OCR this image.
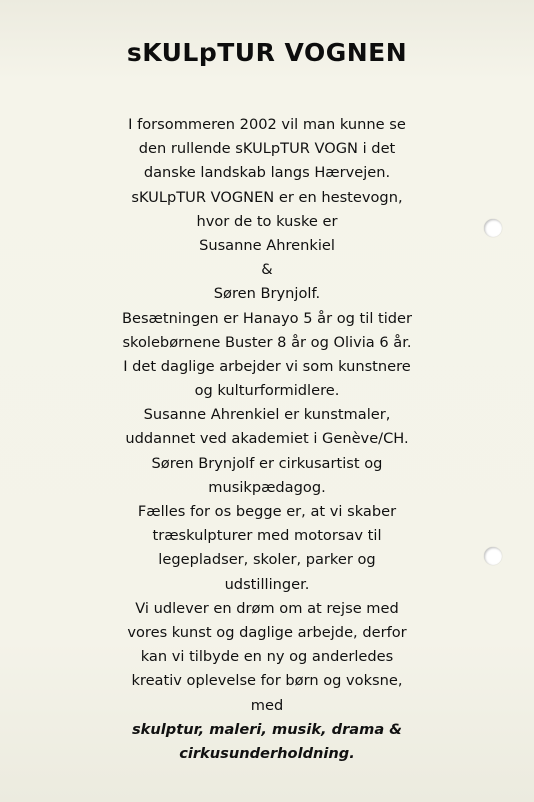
sKULpTUR VOGNEN
I forsommeren 2002 vil man kunne se
den rullende sKULpTUR VOGN i det
danske landskab langs Hærvejen.
sKULpTUR VOGNEN er en hestevogn,
hvor de to kuske er
Susanne Ahrenkiel
&
Søren Brynjolf.
Besætningen er Hanayo 5 år og til tider
skolebørnene Buster 8 år og Olivia 6 år.
I det daglige arbejder vi som kunstnere
og kulturformidlere.
Susanne Ahrenkiel er kunstmaler,
uddannet ved akademiet i Genève/CH.
Søren Brynjolf er cirkusartist og
musikpædagog.
Fælles for os begge er, at vi skaber
træskulpturer med motorsav til
legepladser, skoler, parker og
udstillinger.
Vi udlever en drøm om at rejse med
vores kunst og daglige arbejde, derfor
kan vi tilbyde en ny og anderledes
kreativ oplevelse for børn og voksne,
med
skulptur, maleri, musik, drama &
cirkusunderholdning.
